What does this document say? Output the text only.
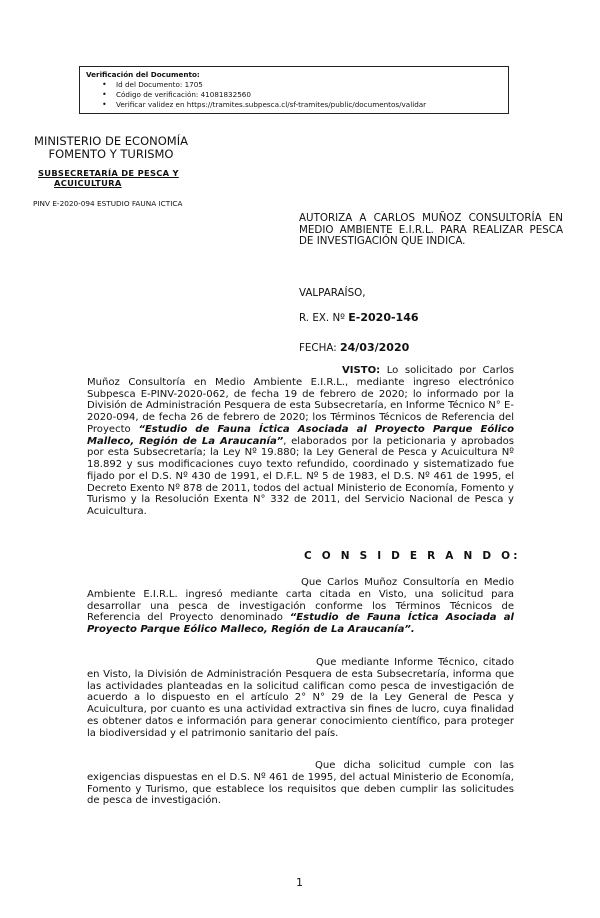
Verificación del Documento:
• Id del Documento: 1705
• Código de verificación: 41081832560
• Verificar validez en https://tramites.subpesca.cl/sf-tramites/public/documentos/validar
MINISTERIO DE ECONOMÍA
FOMENTO Y TURISMO
SUBSECRETARÍA DE PESCA Y
ACUICULTURA
PINV E-2020-094 ESTUDIO FAUNA ICTICA
AUTORIZA A CARLOS MUÑOZ CONSULTORÍA EN MEDIO AMBIENTE E.I.R.L. PARA REALIZAR PESCA DE INVESTIGACIÓN QUE INDICA.
VALPARAÍSO,
R. EX. Nº E-2020-146
FECHA: 24/03/2020

VISTO: Lo solicitado por Carlos Muñoz Consultoría en Medio Ambiente E.I.R.L., mediante ingreso electrónico Subpesca E-PINV-2020-062, de fecha 19 de febrero de 2020; lo informado por la División de Administración Pesquera de esta Subsecretaría, en Informe Técnico N° E-2020-094, de fecha 26 de febrero de 2020; los Términos Técnicos de Referencia del Proyecto “Estudio de Fauna Íctica Asociada al Proyecto Parque Eólico Malleco, Región de La Araucanía”, elaborados por la peticionaria y aprobados por esta Subsecretaría; la Ley Nº 19.880; la Ley General de Pesca y Acuicultura Nº 18.892 y sus modificaciones cuyo texto refundido, coordinado y sistematizado fue fijado por el D.S. Nº 430 de 1991, el D.F.L. Nº 5 de 1983, el D.S. Nº 461 de 1995, el Decreto Exento Nº 878 de 2011, todos del actual Ministerio de Economía, Fomento y Turismo y la Resolución Exenta N° 332 de 2011, del Servicio Nacional de Pesca y Acuicultura.

C O N S I D E R A N D O:

Que Carlos Muñoz Consultoría en Medio Ambiente E.I.R.L. ingresó mediante carta citada en Visto, una solicitud para desarrollar una pesca de investigación conforme los Términos Técnicos de Referencia del Proyecto denominado “Estudio de Fauna Íctica Asociada al Proyecto Parque Eólico Malleco, Región de La Araucanía”.

Que mediante Informe Técnico, citado en Visto, la División de Administración Pesquera de esta Subsecretaría, informa que las actividades planteadas en la solicitud califican como pesca de investigación de acuerdo a lo dispuesto en el artículo 2° N° 29 de la Ley General de Pesca y Acuicultura, por cuanto es una actividad extractiva sin fines de lucro, cuya finalidad es obtener datos e información para generar conocimiento científico, para proteger la biodiversidad y el patrimonio sanitario del país.

Que dicha solicitud cumple con las exigencias dispuestas en el D.S. Nº 461 de 1995, del actual Ministerio de Economía, Fomento y Turismo, que establece los requisitos que deben cumplir las solicitudes de pesca de investigación.

1
